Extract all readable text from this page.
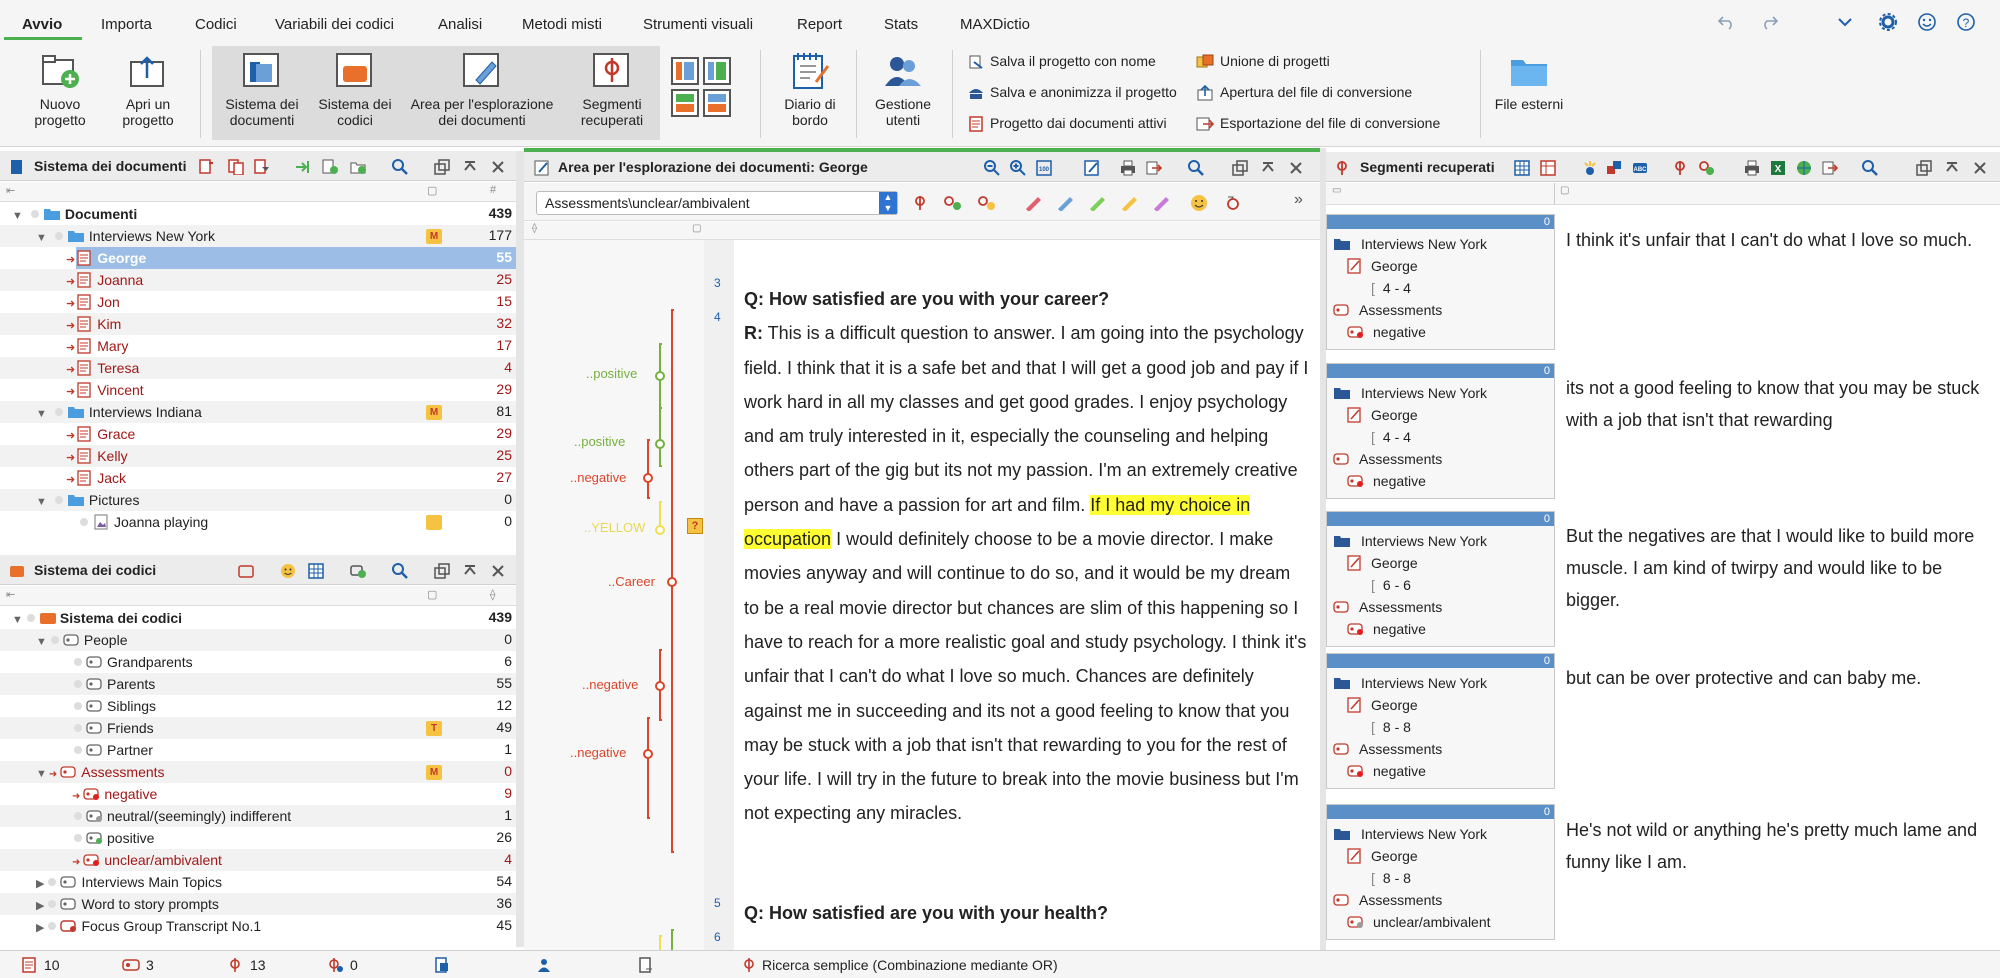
Avvio	Importa	Codici	Variabili dei codici	Analisi	Metodi misti	Strumenti visuali	Report	Stats	MAXDictio	?
Nuovo progetto
Apri un progetto
Sistema dei documenti
Sistema dei codici
Area per l'esplorazione dei documenti
Segmenti recuperati
Diario di bordo
Gestione utenti
Salva il progetto con nome
Salva e anonimizza il progetto
Progetto dai documenti attivi
Unione di progetti
Apertura del file di conversione
Esportazione del file di conversione
File esterni
Sistema dei documenti
⇤	▢	#
▼	Documenti	439
▼	Interviews New York	M	177
➜ George	55
➜ Joanna	25
➜ Jon	15
➜ Kim	32
➜ Mary	17
➜ Teresa	4
➜ Vincent	29
▼	Interviews Indiana	M	81
➜ Grace	29
➜ Kelly	25
➜ Jack	27
▼	Pictures	0
Joanna playing	0
Sistema dei codici
⇤	▢	⟠
▼	Sistema dei codici	439
▼	People	0
Grandparents	6
Parents	55
Siblings	12
Friends	T	49
Partner	1
▼ ➜ Assessments	M	0
➜ negative	9
neutral/(seemingly) indifferent	1
positive	26
➜ unclear/ambivalent	4
▶	Interviews Main Topics	54
▶	Word to story prompts	36
▶	Focus Group Transcript No.1	45
Area per l'esplorazione dei documenti: George	100
Assessments\unclear/ambivalent	▲
▼	»
⟠	▢
..positive
..positive
..negative
..YELLOW
..Career
..negative
..negative
?
3
4
5
6
Q: How satisfied are you with your career?
R: This is a difficult question to answer. I am going into the psychology field. I think that it is a safe bet and that I will get a good job and pay if I work hard in all my classes and get good grades. I enjoy psychology and am truly interested in it, especially the counseling and helping others part of the gig but its not my passion. I'm an extremely creative person and have a passion for art and film. If I had my choice in occupation I would definitely choose to be a movie director. I make movies anyway and will continue to do so, and it would be my dream to be a real movie director but chances are slim of this happening so I have to reach for a more realistic goal and study psychology. I think it's unfair that I can't do what I love so much. Chances are definitely against me in succeeding and its not a good feeling to know that you may be stuck with a job that isn't that rewarding to you for the rest of your life. I will try in the future to break into the movie business but I'm not expecting any miracles.
Q: How satisfied are you with your health?
Segmenti recuperati	ABC	X
▭	▢
0
Interviews New York
George
[ 4 - 4
Assessments
negative
I think it's unfair that I can't do what I love so much.
0
Interviews New York
George
[ 4 - 4
Assessments
negative
its not a good feeling to know that you may be stuck with a job that isn't that rewarding
0
Interviews New York
George
[ 6 - 6
Assessments
negative
But the negatives are that I would like to build more muscle. I am kind of twirpy and would like to be bigger.
0
Interviews New York
George
[ 8 - 8
Assessments
negative
but can be over protective and can baby me.
0
Interviews New York
George
[ 8 - 8
Assessments
unclear/ambivalent
He's not wild or anything he's pretty much lame and funny like I am.
10	3	13	0	Ricerca semplice (Combinazione mediante OR)
